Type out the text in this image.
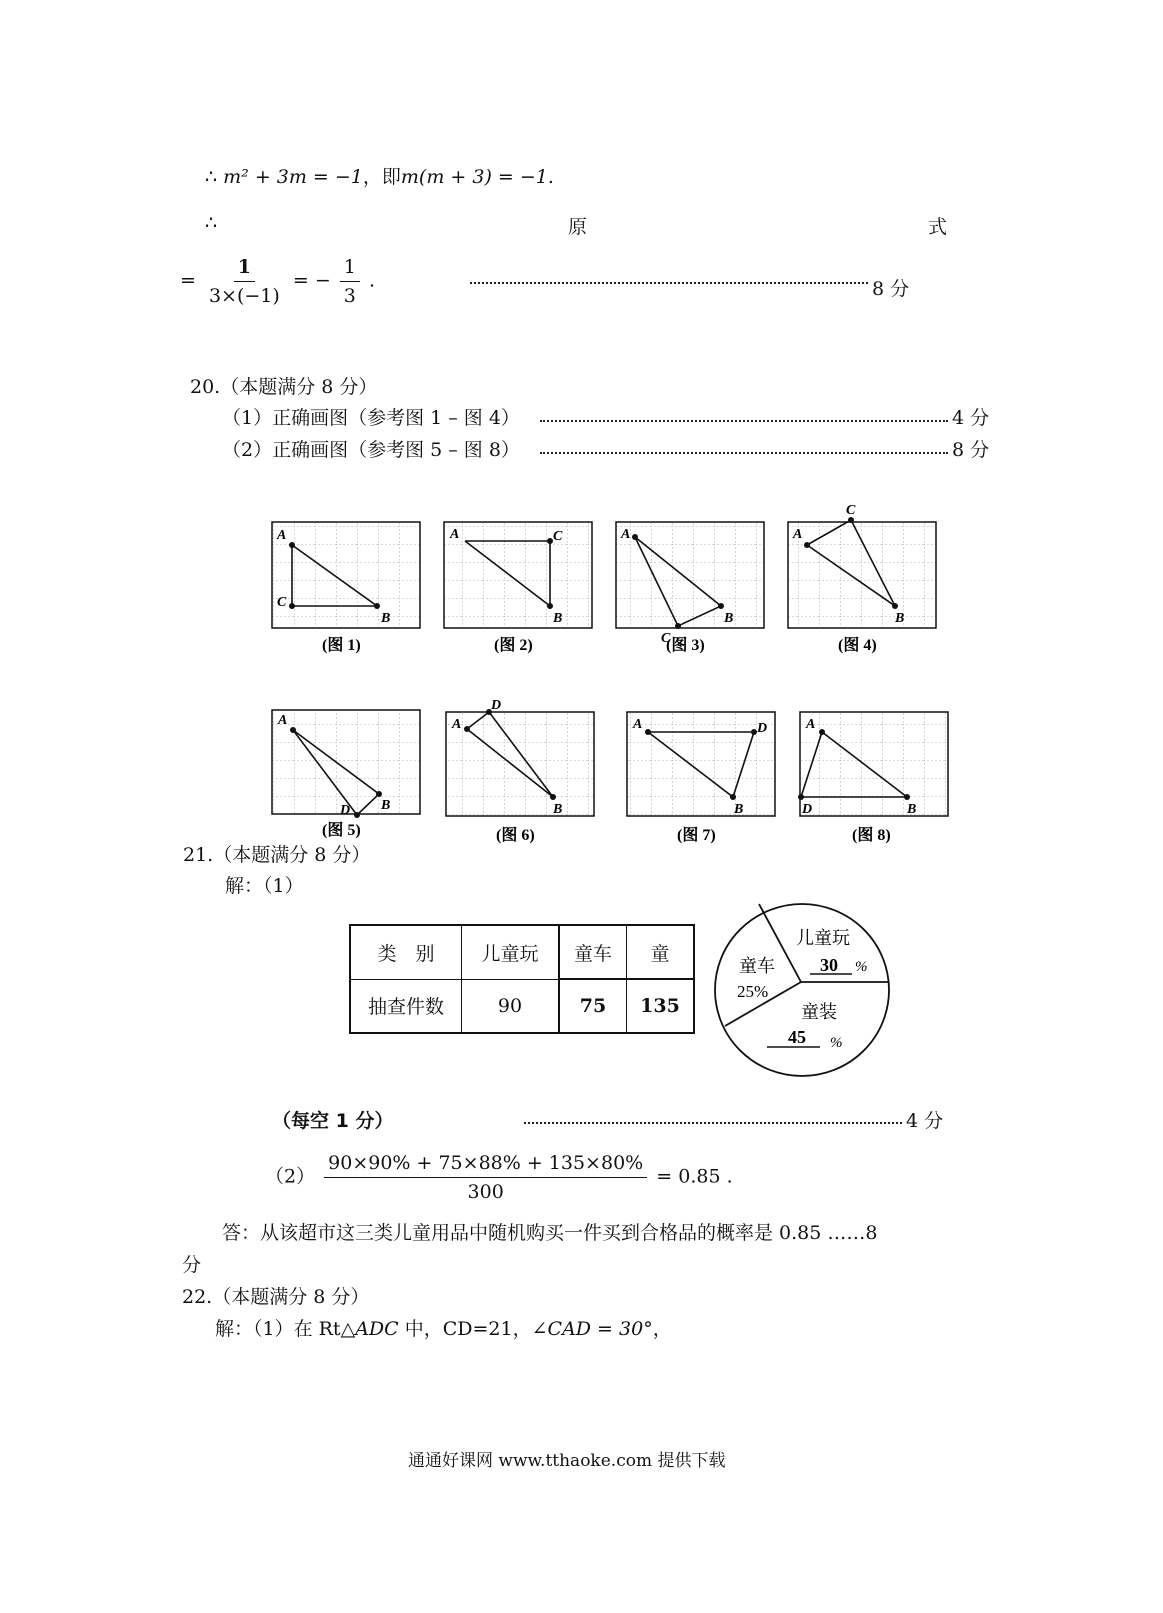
∴ m² + 3m = −1，即m(m + 3) = −1.
∴	原	式
= $\frac{1}{3\times(-1)}$ = − $\frac{1}{3}$ .	8 分
20.（本题满分 8 分）
（1）正确画图（参考图 1 – 图 4）	4 分
（2）正确画图（参考图 5 – 图 8）	8 分
A
C
B
(图 1)
A	C
B
(图 2)
A
C
B
(图 3)
A
C
B
(图 4)
A
D B
(图 5)
A
D
B
(图 6)
A	D
B
(图 7)
A
D	B
(图 8)
21.（本题满分 8 分）
解：（1）
类　别	儿童玩	童车	童
抽查件数	90	75	135
儿童玩
30 %
童车
25%
童装
45 %
（每空 1 分）	4 分
$(2) \frac{90\times 90\% + 75\times 88\% + 135\times 80\%}{300} = 0.85$ .
答：从该超市这三类儿童用品中随机购买一件买到合格品的概率是 0.85 ……8
分
22.（本题满分 8 分）
解：（1）在 Rt△ADC 中，CD=21，∠CAD = 30°，
通通好课网 www.tthaoke.com 提供下载
